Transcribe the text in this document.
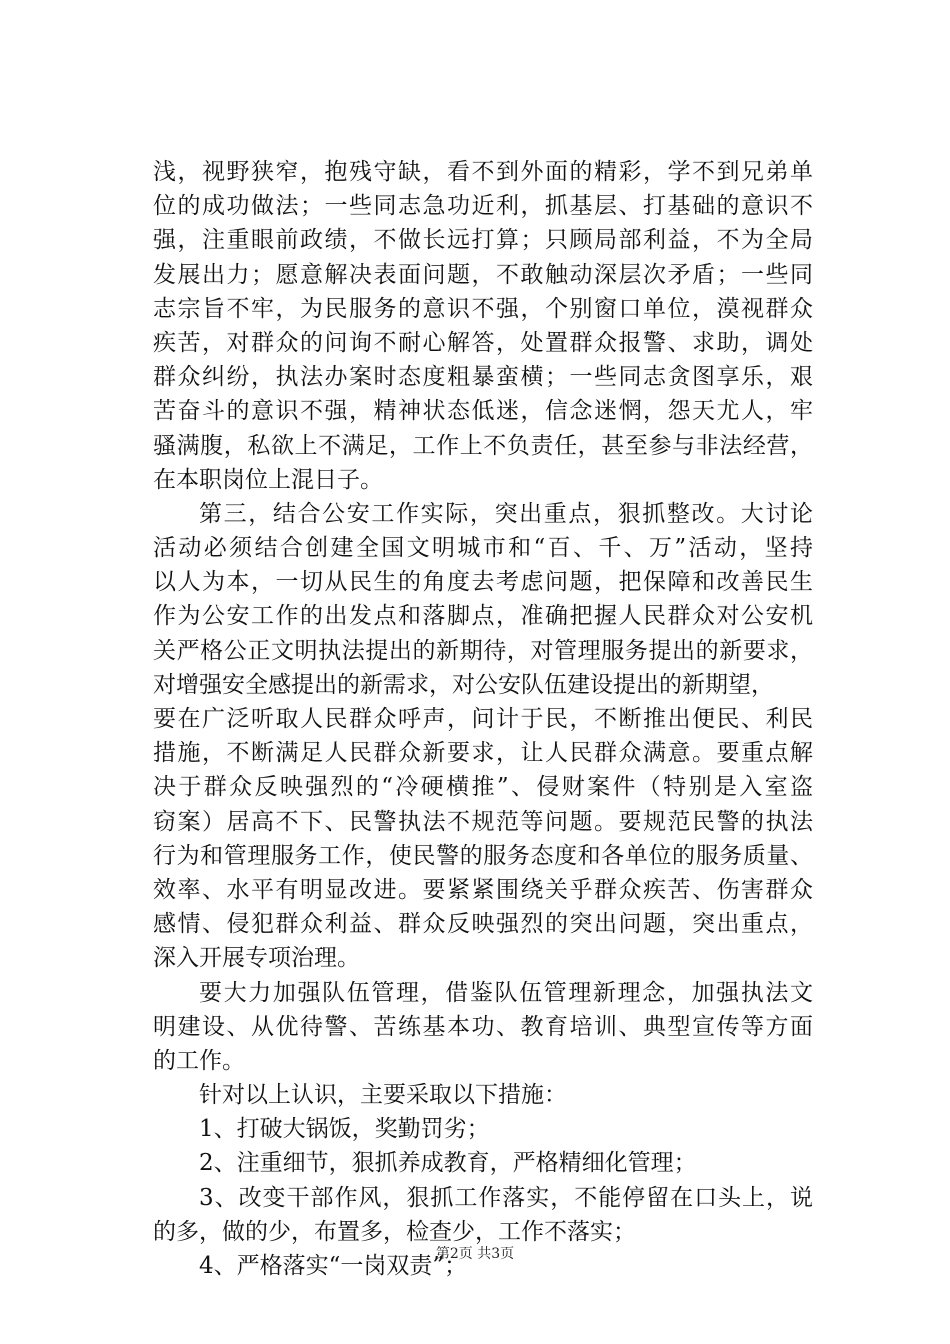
浅，视野狭窄，抱残守缺，看不到外面的精彩，学不到兄弟单
位的成功做法；一些同志急功近利，抓基层、打基础的意识不
强，注重眼前政绩，不做长远打算；只顾局部利益，不为全局
发展出力；愿意解决表面问题，不敢触动深层次矛盾；一些同
志宗旨不牢，为民服务的意识不强，个别窗口单位，漠视群众
疾苦，对群众的问询不耐心解答，处置群众报警、求助，调处
群众纠纷，执法办案时态度粗暴蛮横；一些同志贪图享乐，艰
苦奋斗的意识不强，精神状态低迷，信念迷惘，怨天尤人，牢
骚满腹，私欲上不满足，工作上不负责任，甚至参与非法经营，
在本职岗位上混日子。
第三，结合公安工作实际，突出重点，狠抓整改。大讨论
活动必须结合创建全国文明城市和“百、千、万”活动，坚持
以人为本，一切从民生的角度去考虑问题，把保障和改善民生
作为公安工作的出发点和落脚点，准确把握人民群众对公安机
关严格公正文明执法提出的新期待，对管理服务提出的新要求，
对增强安全感提出的新需求，对公安队伍建设提出的新期望，
要在广泛听取人民群众呼声，问计于民，不断推出便民、利民
措施，不断满足人民群众新要求，让人民群众满意。要重点解
决于群众反映强烈的“冷硬横推”、侵财案件（特别是入室盗
窃案）居高不下、民警执法不规范等问题。要规范民警的执法
行为和管理服务工作，使民警的服务态度和各单位的服务质量、
效率、水平有明显改进。要紧紧围绕关乎群众疾苦、伤害群众
感情、侵犯群众利益、群众反映强烈的突出问题，突出重点，
深入开展专项治理。
要大力加强队伍管理，借鉴队伍管理新理念，加强执法文
明建设、从优待警、苦练基本功、教育培训、典型宣传等方面
的工作。
针对以上认识，主要采取以下措施：
1、打破大锅饭，奖勤罚劣；
2、注重细节，狠抓养成教育，严格精细化管理；
3、改变干部作风，狠抓工作落实，不能停留在口头上，说
的多，做的少，布置多，检查少，工作不落实；
4、严格落实“一岗双责”；
第2页 共3页
